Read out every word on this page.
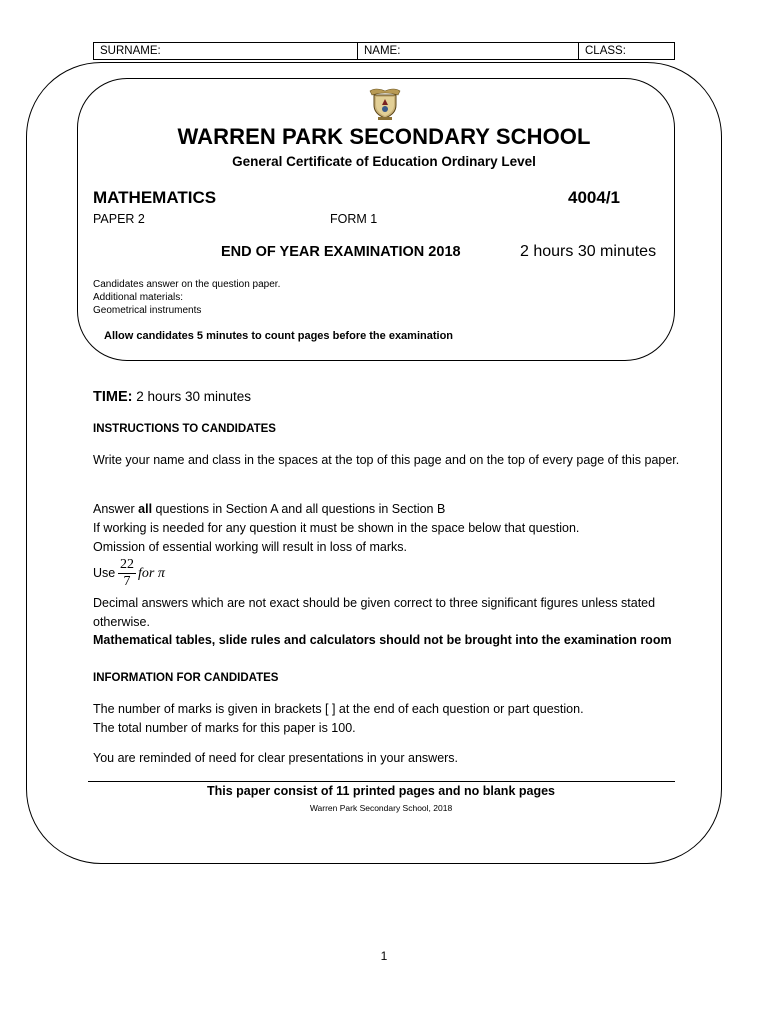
SURNAME:	NAME:	CLASS:
WARREN PARK SECONDARY SCHOOL
General Certificate of Education Ordinary Level
MATHEMATICS	4004/1
PAPER 2	FORM 1
END OF YEAR EXAMINATION 2018	2 hours 30 minutes
Candidates answer on the question paper.
Additional materials:
Geometrical instruments
Allow candidates 5 minutes to count pages before the examination
TIME: 2 hours 30 minutes
INSTRUCTIONS TO CANDIDATES
Write your name and class in the spaces at the top of this page and on the top of every page of this paper.
Answer all questions in Section A and all questions in Section B
If working is needed for any question it must be shown in the space below that question.
Omission of essential working will result in loss of marks.
Use $\frac{22}{7}$ for π
Decimal answers which are not exact should be given correct to three significant figures unless stated otherwise.
Mathematical tables, slide rules and calculators should not be brought into the examination room
INFORMATION FOR CANDIDATES
The number of marks is given in brackets [ ] at the end of each question or part question.
The total number of marks for this paper is 100.
You are reminded of need for clear presentations in your answers.
This paper consist of 11 printed pages and no blank pages
Warren Park Secondary School, 2018
1
